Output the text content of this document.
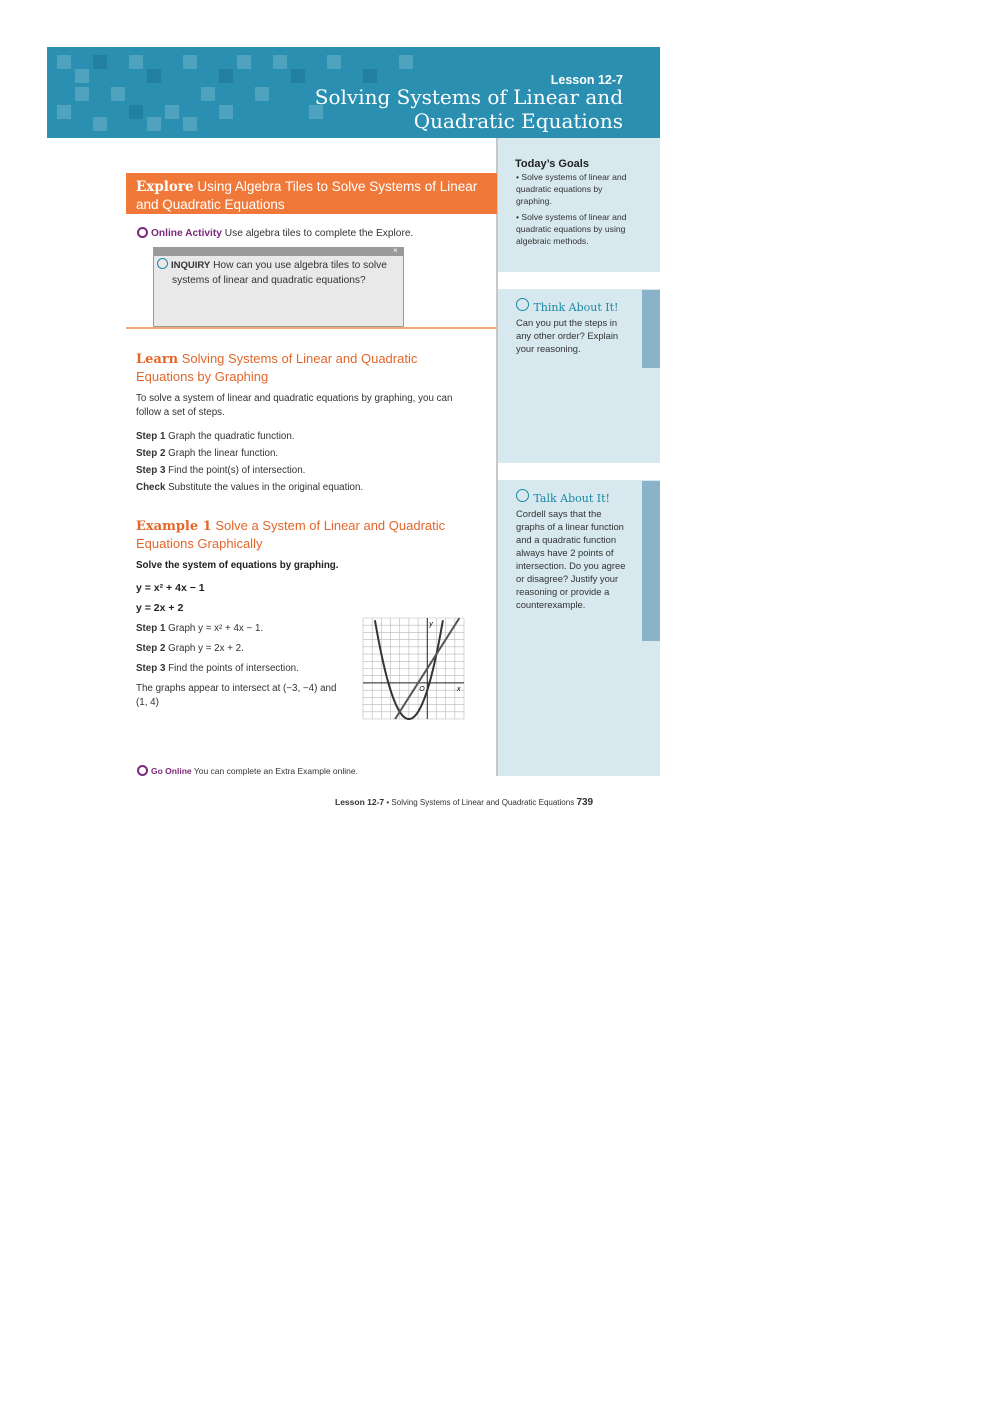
Lesson 12-7
Solving Systems of Linear and
Quadratic Equations
Today’s Goals
• Solve systems of linear and quadratic equations by graphing.
• Solve systems of linear and quadratic equations by using algebraic methods.
Think About It!
Can you put the steps in any other order? Explain your reasoning.
Talk About It!
Cordell says that the graphs of a linear function and a quadratic function always have 2 points of intersection. Do you agree or disagree? Justify your reasoning or provide a counterexample.
Explore Using Algebra Tiles to Solve Systems of Linear and Quadratic Equations
Online Activity Use algebra tiles to complete the Explore.
×
INQUIRY How can you use algebra tiles to solve systems of linear and quadratic equations?
Learn Solving Systems of Linear and Quadratic Equations by Graphing
To solve a system of linear and quadratic equations by graphing, you can follow a set of steps.
Step 1 Graph the quadratic function.
Step 2 Graph the linear function.
Step 3 Find the point(s) of intersection.
Check Substitute the values in the original equation.
Example 1 Solve a System of Linear and Quadratic Equations Graphically
Solve the system of equations by graphing.
y = x² + 4x − 1
y = 2x + 2
Step 1 Graph y = x² + 4x − 1.
Step 2 Graph y = 2x + 2.
Step 3 Find the points of intersection.
The graphs appear to intersect at (−3, −4) and (1, 4)
y
x
O
Go Online You can complete an Extra Example online.
Lesson 12-7 • Solving Systems of Linear and Quadratic Equations 739
